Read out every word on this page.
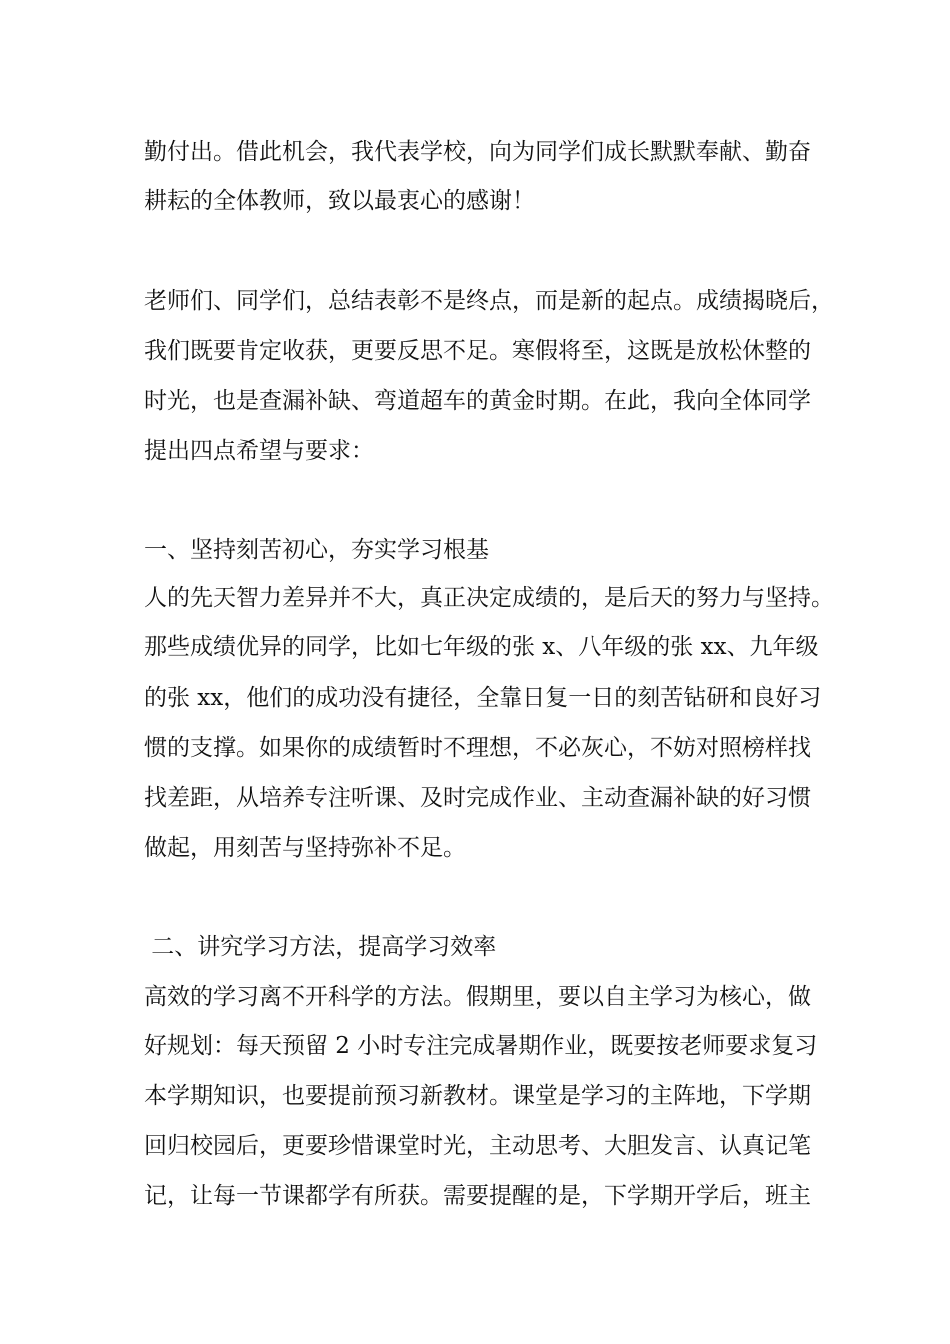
勤付出。借此机会，我代表学校，向为同学们成长默默奉献、勤奋
耕耘的全体教师，致以最衷心的感谢！
老师们、同学们，总结表彰不是终点，而是新的起点。成绩揭晓后，
我们既要肯定收获，更要反思不足。寒假将至，这既是放松休整的
时光，也是查漏补缺、弯道超车的黄金时期。在此，我向全体同学
提出四点希望与要求：
一、坚持刻苦初心，夯实学习根基
人的先天智力差异并不大，真正决定成绩的，是后天的努力与坚持。
那些成绩优异的同学，比如七年级的张 x、八年级的张 xx、九年级
的张 xx，他们的成功没有捷径，全靠日复一日的刻苦钻研和良好习
惯的支撑。如果你的成绩暂时不理想，不必灰心，不妨对照榜样找
找差距，从培养专注听课、及时完成作业、主动查漏补缺的好习惯
做起，用刻苦与坚持弥补不足。
二、讲究学习方法，提高学习效率
高效的学习离不开科学的方法。假期里，要以自主学习为核心，做
好规划：每天预留 2 小时专注完成暑期作业，既要按老师要求复习
本学期知识，也要提前预习新教材。课堂是学习的主阵地，下学期
回归校园后，更要珍惜课堂时光，主动思考、大胆发言、认真记笔
记，让每一节课都学有所获。需要提醒的是，下学期开学后，班主
